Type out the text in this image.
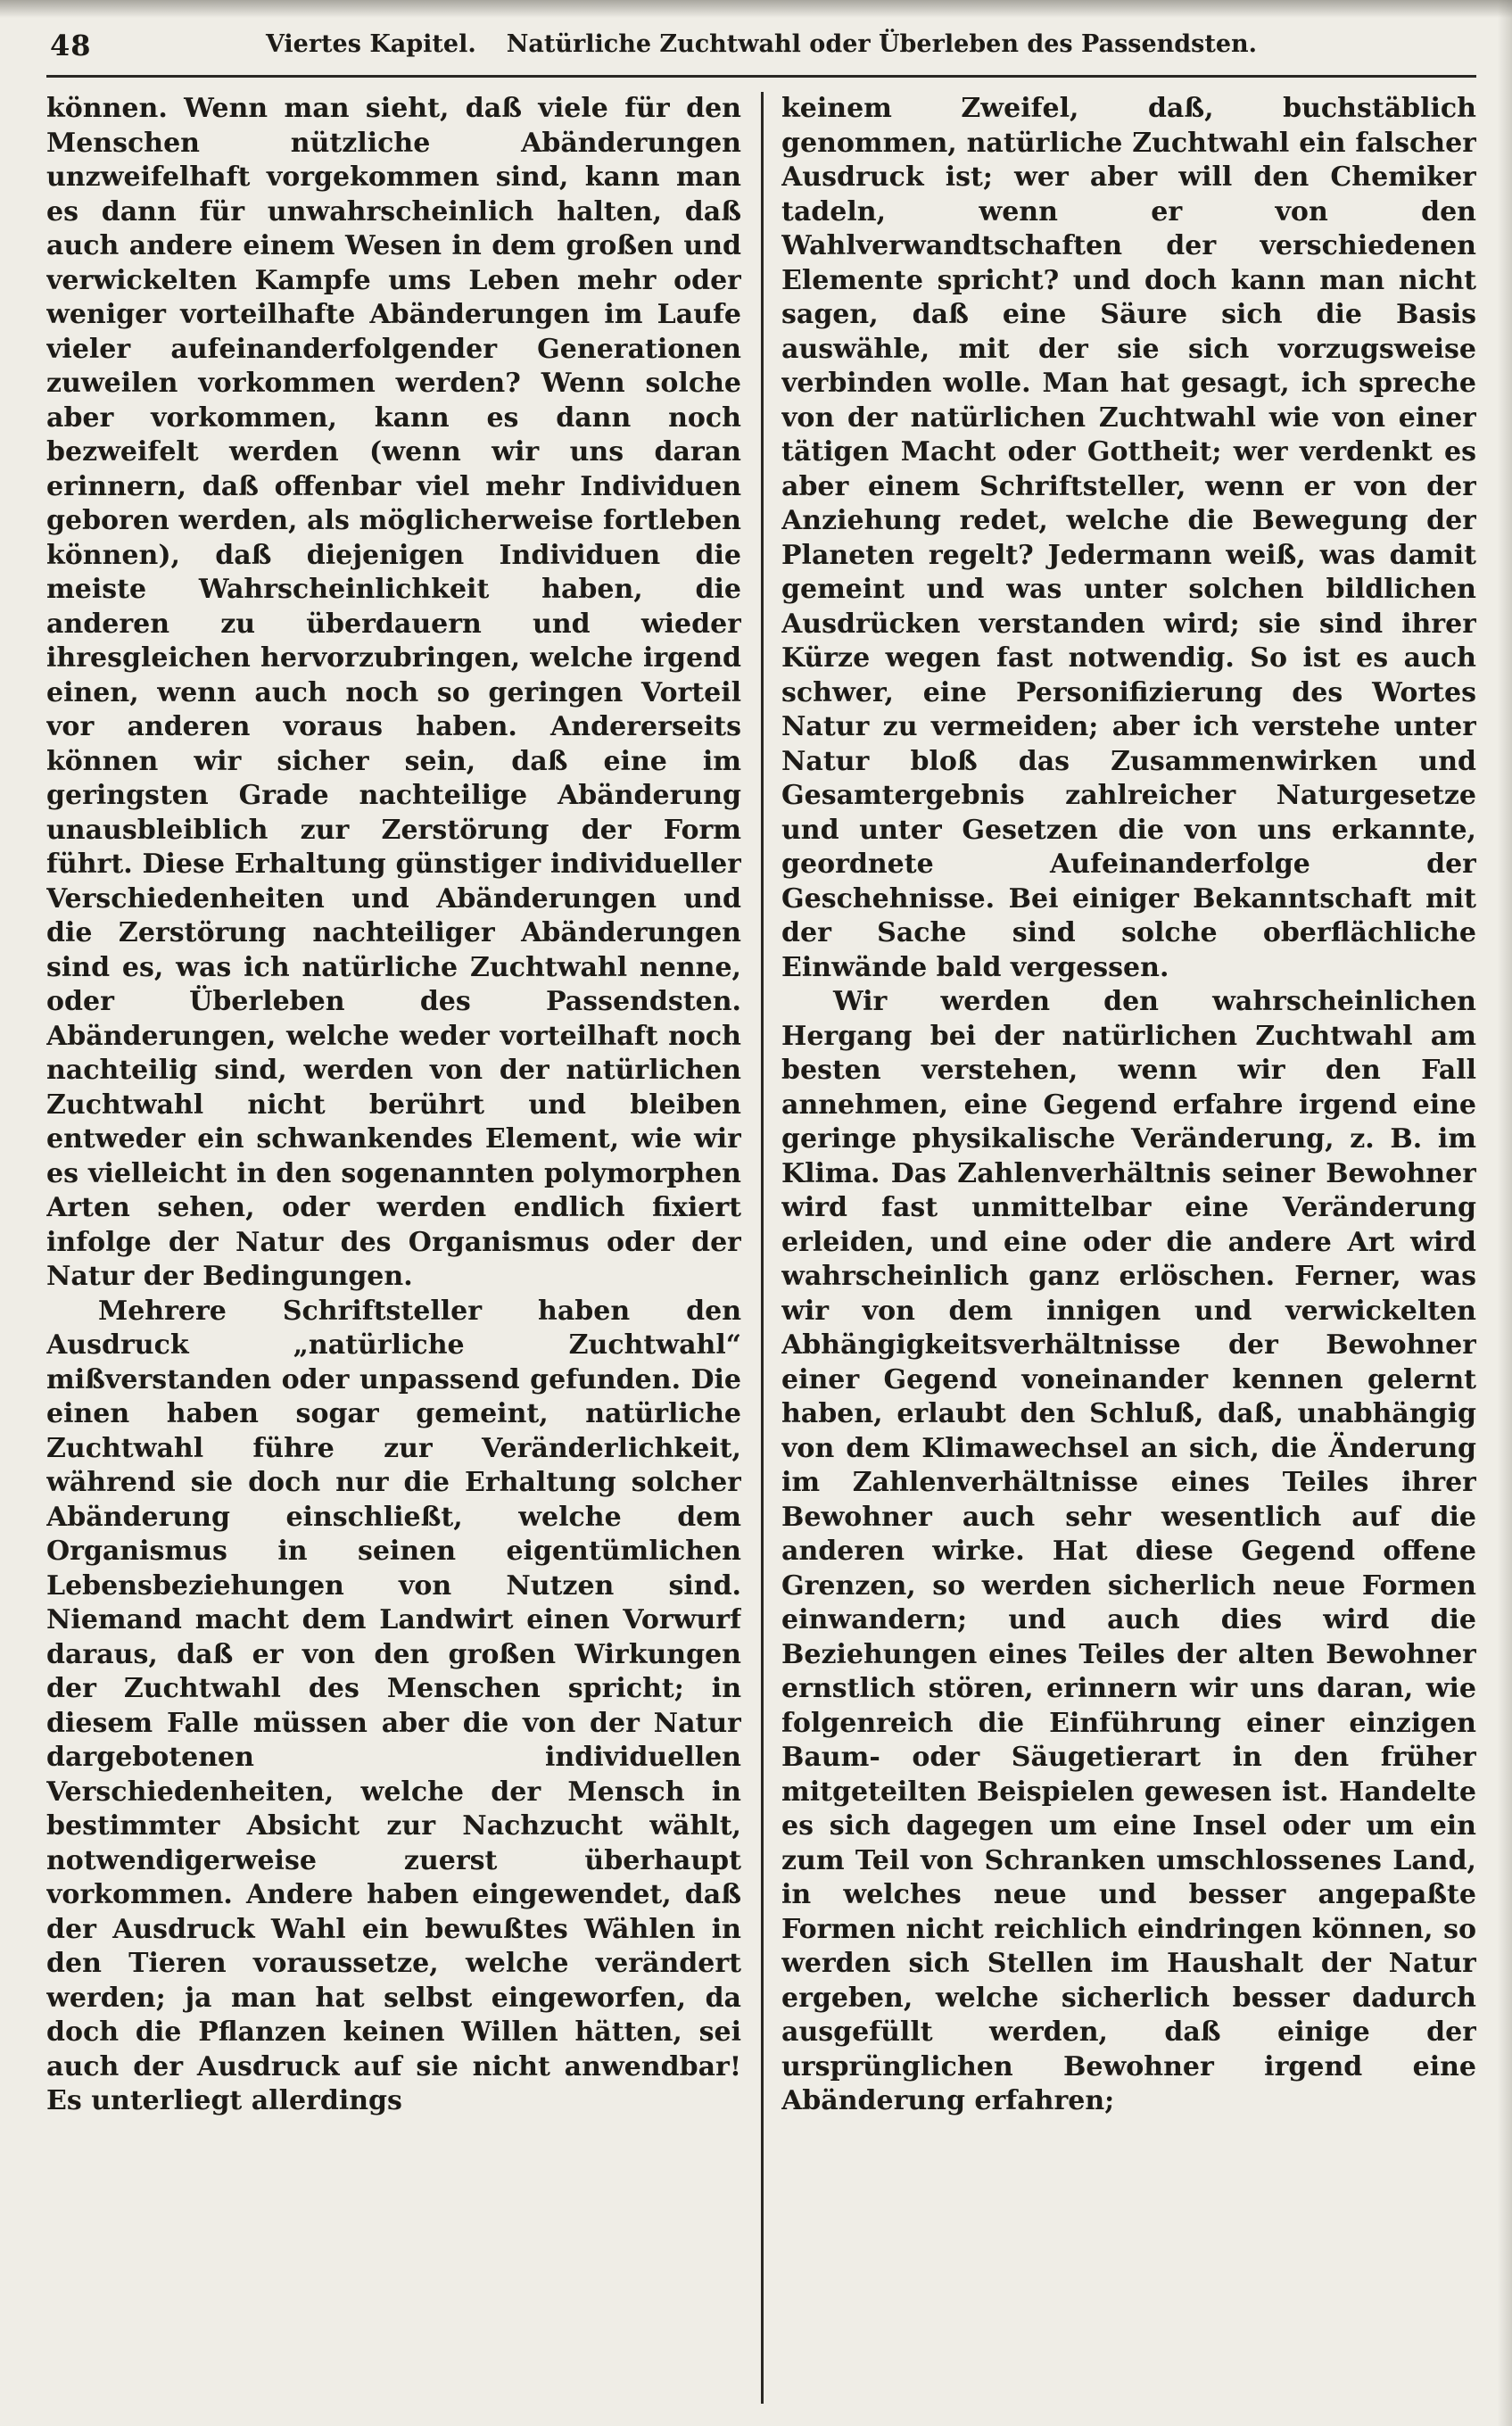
48	Viertes Kapitel. Natürliche Zuchtwahl oder Überleben des Passendsten.

können. Wenn man sieht, daß viele für den Menschen nützliche Abänderungen unzweifelhaft vorgekommen sind, kann man es dann für unwahrscheinlich halten, daß auch andere einem Wesen in dem großen und verwickelten Kampfe ums Leben mehr oder weniger vorteilhafte Abänderungen im Laufe vieler aufeinanderfolgender Generationen zuweilen vorkommen werden? Wenn solche aber vorkommen, kann es dann noch bezweifelt werden (wenn wir uns daran erinnern, daß offenbar viel mehr Individuen geboren werden, als möglicherweise fortleben können), daß diejenigen Individuen die meiste Wahrscheinlichkeit haben, die anderen zu überdauern und wieder ihresgleichen hervorzubringen, welche irgend einen, wenn auch noch so geringen Vorteil vor anderen voraus haben. Andererseits können wir sicher sein, daß eine im geringsten Grade nachteilige Abänderung unausbleiblich zur Zerstörung der Form führt. Diese Erhaltung günstiger individueller Verschiedenheiten und Abänderungen und die Zerstörung nachteiliger Abänderungen sind es, was ich natürliche Zuchtwahl nenne, oder Überleben des Passendsten. Abänderungen, welche weder vorteilhaft noch nachteilig sind, werden von der natürlichen Zuchtwahl nicht berührt und bleiben entweder ein schwankendes Element, wie wir es vielleicht in den sogenannten polymorphen Arten sehen, oder werden endlich fixiert infolge der Natur des Organismus oder der Natur der Bedingungen.

Mehrere Schriftsteller haben den Ausdruck „natürliche Zuchtwahl“ mißverstanden oder unpassend gefunden. Die einen haben sogar gemeint, natürliche Zuchtwahl führe zur Veränderlichkeit, während sie doch nur die Erhaltung solcher Abänderung einschließt, welche dem Organismus in seinen eigentümlichen Lebensbeziehungen von Nutzen sind. Niemand macht dem Landwirt einen Vorwurf daraus, daß er von den großen Wirkungen der Zuchtwahl des Menschen spricht; in diesem Falle müssen aber die von der Natur dargebotenen individuellen Verschiedenheiten, welche der Mensch in bestimmter Absicht zur Nachzucht wählt, notwendigerweise zuerst überhaupt vorkommen. Andere haben eingewendet, daß der Ausdruck Wahl ein bewußtes Wählen in den Tieren voraussetze, welche verändert werden; ja man hat selbst eingeworfen, da doch die Pflanzen keinen Willen hätten, sei auch der Ausdruck auf sie nicht anwendbar! Es unterliegt allerdings

keinem Zweifel, daß, buchstäblich genommen, natürliche Zuchtwahl ein falscher Ausdruck ist; wer aber will den Chemiker tadeln, wenn er von den Wahlverwandtschaften der verschiedenen Elemente spricht? und doch kann man nicht sagen, daß eine Säure sich die Basis auswähle, mit der sie sich vorzugsweise verbinden wolle. Man hat gesagt, ich spreche von der natürlichen Zuchtwahl wie von einer tätigen Macht oder Gottheit; wer verdenkt es aber einem Schriftsteller, wenn er von der Anziehung redet, welche die Bewegung der Planeten regelt? Jedermann weiß, was damit gemeint und was unter solchen bildlichen Ausdrücken verstanden wird; sie sind ihrer Kürze wegen fast notwendig. So ist es auch schwer, eine Personifizierung des Wortes Natur zu vermeiden; aber ich verstehe unter Natur bloß das Zusammenwirken und Gesamtergebnis zahlreicher Naturgesetze und unter Gesetzen die von uns erkannte, geordnete Aufeinanderfolge der Geschehnisse. Bei einiger Bekanntschaft mit der Sache sind solche oberflächliche Einwände bald vergessen.

Wir werden den wahrscheinlichen Hergang bei der natürlichen Zuchtwahl am besten verstehen, wenn wir den Fall annehmen, eine Gegend erfahre irgend eine geringe physikalische Veränderung, z. B. im Klima. Das Zahlenverhältnis seiner Bewohner wird fast unmittelbar eine Veränderung erleiden, und eine oder die andere Art wird wahrscheinlich ganz erlöschen. Ferner, was wir von dem innigen und verwickelten Abhängigkeitsverhältnisse der Bewohner einer Gegend voneinander kennen gelernt haben, erlaubt den Schluß, daß, unabhängig von dem Klimawechsel an sich, die Änderung im Zahlenverhältnisse eines Teiles ihrer Bewohner auch sehr wesentlich auf die anderen wirke. Hat diese Gegend offene Grenzen, so werden sicherlich neue Formen einwandern; und auch dies wird die Beziehungen eines Teiles der alten Bewohner ernstlich stören, erinnern wir uns daran, wie folgenreich die Einführung einer einzigen Baum- oder Säugetierart in den früher mitgeteilten Beispielen gewesen ist. Handelte es sich dagegen um eine Insel oder um ein zum Teil von Schranken umschlossenes Land, in welches neue und besser angepaßte Formen nicht reichlich eindringen können, so werden sich Stellen im Haushalt der Natur ergeben, welche sicherlich besser dadurch ausgefüllt werden, daß einige der ursprünglichen Bewohner irgend eine Abänderung erfahren;
